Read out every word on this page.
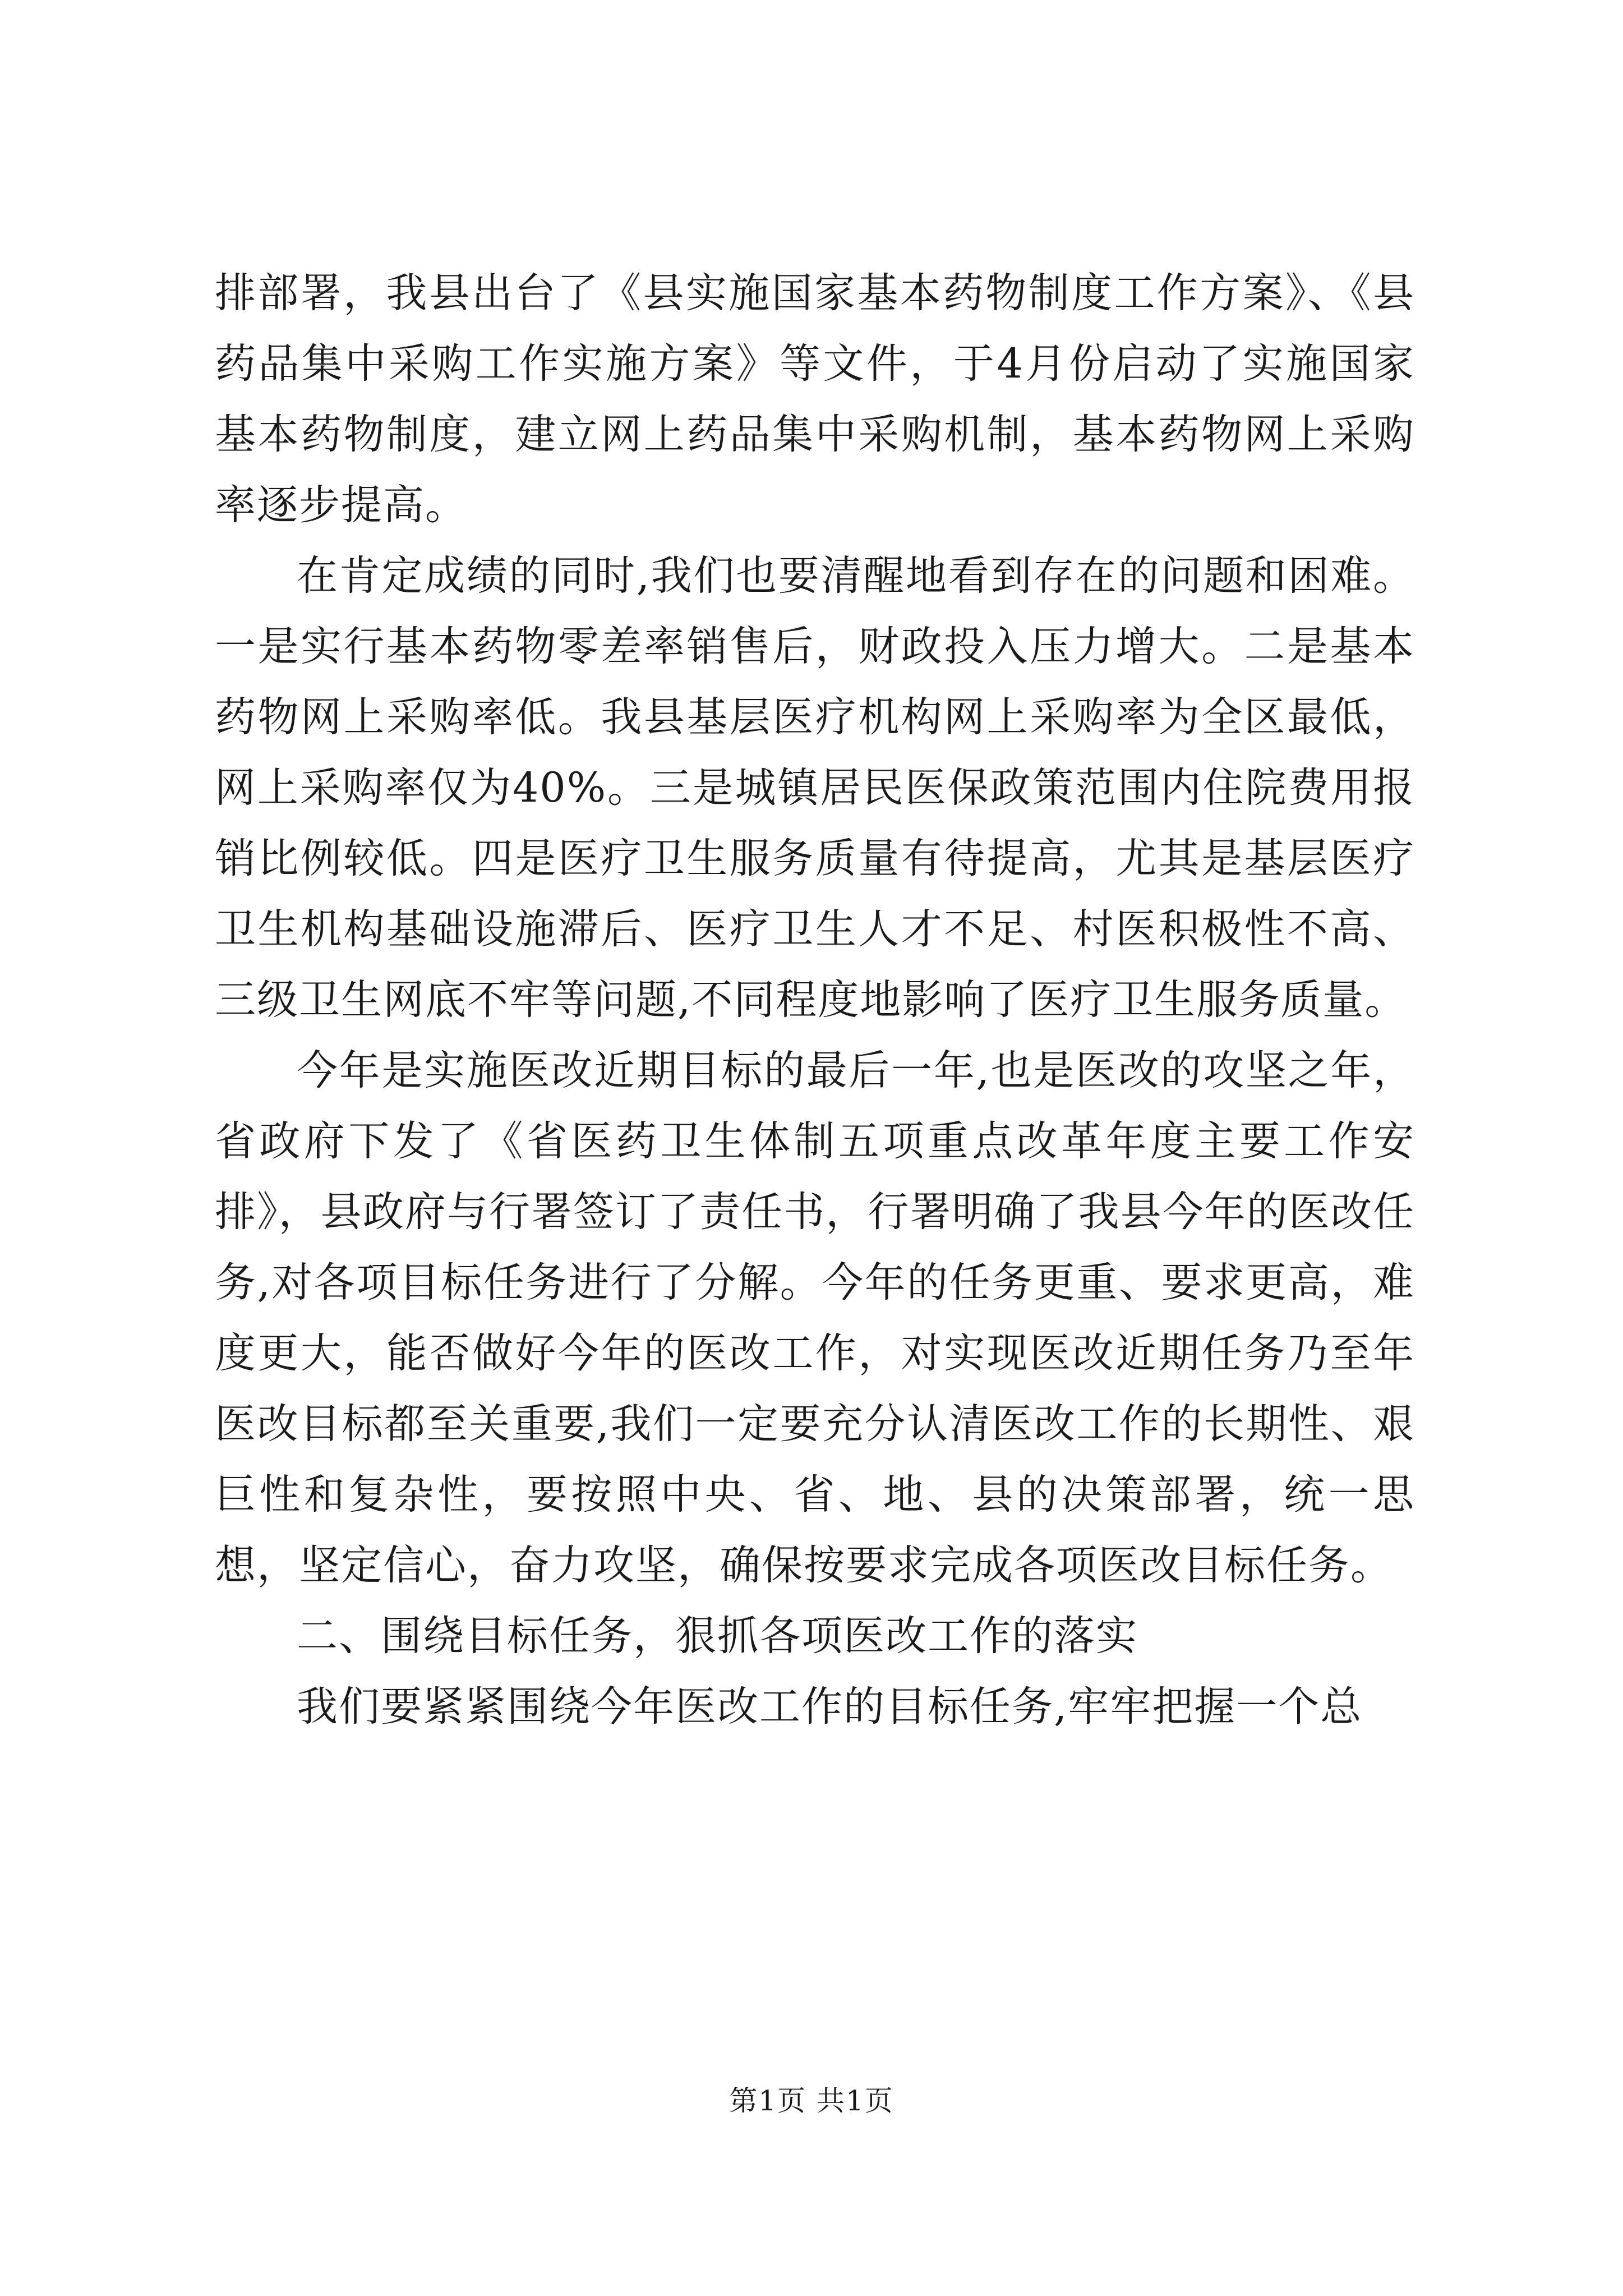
排部署，我县出台了《县实施国家基本药物制度工作方案》、《县药品集中采购工作实施方案》等文件，于4月份启动了实施国家基本药物制度，建立网上药品集中采购机制，基本药物网上采购率逐步提高。

在肯定成绩的同时,我们也要清醒地看到存在的问题和困难。一是实行基本药物零差率销售后，财政投入压力增大。二是基本药物网上采购率低。我县基层医疗机构网上采购率为全区最低，网上采购率仅为40%。三是城镇居民医保政策范围内住院费用报销比例较低。四是医疗卫生服务质量有待提高，尤其是基层医疗卫生机构基础设施滞后、医疗卫生人才不足、村医积极性不高、三级卫生网底不牢等问题,不同程度地影响了医疗卫生服务质量。

今年是实施医改近期目标的最后一年,也是医改的攻坚之年，省政府下发了《省医药卫生体制五项重点改革年度主要工作安排》，县政府与行署签订了责任书，行署明确了我县今年的医改任务,对各项目标任务进行了分解。今年的任务更重、要求更高，难度更大，能否做好今年的医改工作，对实现医改近期任务乃至年医改目标都至关重要,我们一定要充分认清医改工作的长期性、艰巨性和复杂性，要按照中央、省、地、县的决策部署，统一思想，坚定信心，奋力攻坚，确保按要求完成各项医改目标任务。

二、围绕目标任务，狠抓各项医改工作的落实

我们要紧紧围绕今年医改工作的目标任务,牢牢把握一个总

第1页 共1页
